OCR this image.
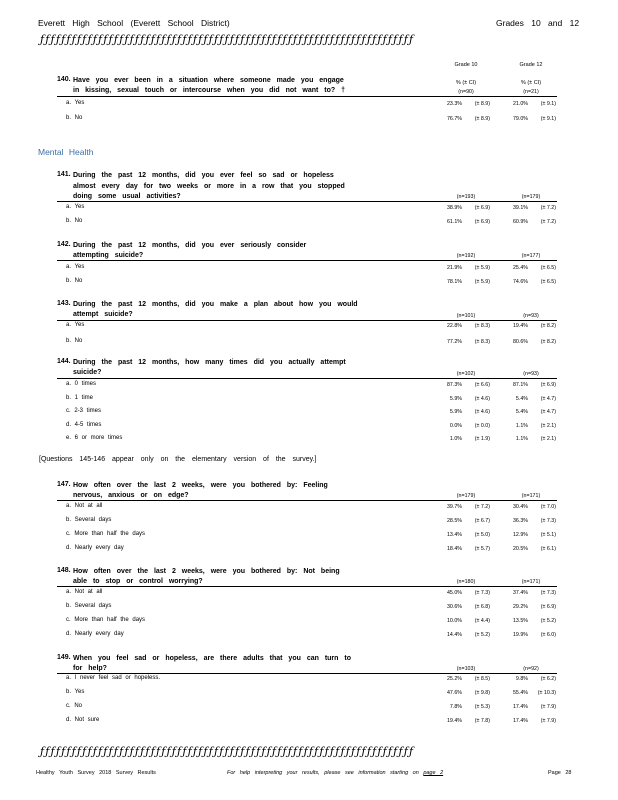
Everett High School (Everett School District)	Grades 10 and 12
ƒƒƒƒƒƒƒƒƒƒƒƒƒƒƒƒƒƒƒƒƒƒƒƒƒƒƒƒƒƒƒƒƒƒƒƒƒƒƒƒƒƒƒƒƒƒƒƒƒƒƒƒƒƒƒƒƒƒƒƒƒƒƒƒƒƒƒƒƒƒƒ
Grade 10	Grade 12
% (± CI)	% (± CI)
140. Have you ever been in a situation where someone made you engage
in kissing, sexual touch or intercourse when you did not want to? †	(n=90)	(n=21)
a. Yes	23.3%	(± 8.9)	21.0%	(± 9.1)
b. No	76.7%	(± 8.9)	79.0%	(± 9.1)
Mental Health
141. During the past 12 months, did you ever feel so sad or hopeless
almost every day for two weeks or more in a row that you stopped
doing some usual activities?	(n=193)	(n=179)
a. Yes	38.9%	(± 6.9)	39.1%	(± 7.2)
b. No	61.1%	(± 6.9)	60.9%	(± 7.2)
142. During the past 12 months, did you ever seriously consider
attempting suicide?	(n=192)	(n=177)
a. Yes	21.9%	(± 5.9)	25.4%	(± 6.5)
b. No	78.1%	(± 5.9)	74.6%	(± 6.5)
143. During the past 12 months, did you make a plan about how you would
attempt suicide?	(n=101)	(n=93)
a. Yes	22.8%	(± 8.3)	19.4%	(± 8.2)
b. No	77.2%	(± 8.3)	80.6%	(± 8.2)
144. During the past 12 months, how many times did you actually attempt
suicide?	(n=102)	(n=93)
a. 0 times	87.3%	(± 6.6)	87.1%	(± 6.9)
b. 1 time	5.9%	(± 4.6)	5.4%	(± 4.7)
c. 2-3 times	5.9%	(± 4.6)	5.4%	(± 4.7)
d. 4-5 times	0.0%	(± 0.0)	1.1%	(± 2.1)
e. 6 or more times	1.0%	(± 1.9)	1.1%	(± 2.1)
[Questions 145-146 appear only on the elementary version of the survey.]
147. How often over the last 2 weeks, were you bothered by: Feeling
nervous, anxious or on edge?	(n=179)	(n=171)
a. Not at all	39.7%	(± 7.2)	30.4%	(± 7.0)
b. Several days	28.5%	(± 6.7)	36.3%	(± 7.3)
c. More than half the days	13.4%	(± 5.0)	12.9%	(± 5.1)
d. Nearly every day	18.4%	(± 5.7)	20.5%	(± 6.1)
148. How often over the last 2 weeks, were you bothered by: Not being
able to stop or control worrying?	(n=180)	(n=171)
a. Not at all	45.0%	(± 7.3)	37.4%	(± 7.3)
b. Several days	30.6%	(± 6.8)	29.2%	(± 6.9)
c. More than half the days	10.0%	(± 4.4)	13.5%	(± 5.2)
d. Nearly every day	14.4%	(± 5.2)	19.9%	(± 6.0)
149. When you feel sad or hopeless, are there adults that you can turn to
for help?	(n=103)	(n=92)
a. I never feel sad or hopeless.	25.2%	(± 8.5)	9.8%	(± 6.2)
b. Yes	47.6%	(± 9.8)	55.4%	(± 10.3)
c. No	7.8%	(± 5.3)	17.4%	(± 7.9)
d. Not sure	19.4%	(± 7.8)	17.4%	(± 7.9)
ƒƒƒƒƒƒƒƒƒƒƒƒƒƒƒƒƒƒƒƒƒƒƒƒƒƒƒƒƒƒƒƒƒƒƒƒƒƒƒƒƒƒƒƒƒƒƒƒƒƒƒƒƒƒƒƒƒƒƒƒƒƒƒƒƒƒƒƒƒƒƒ
Healthy Youth Survey 2018 Survey Results	For help interpreting your results, please see information starting on page 2	Page 28
